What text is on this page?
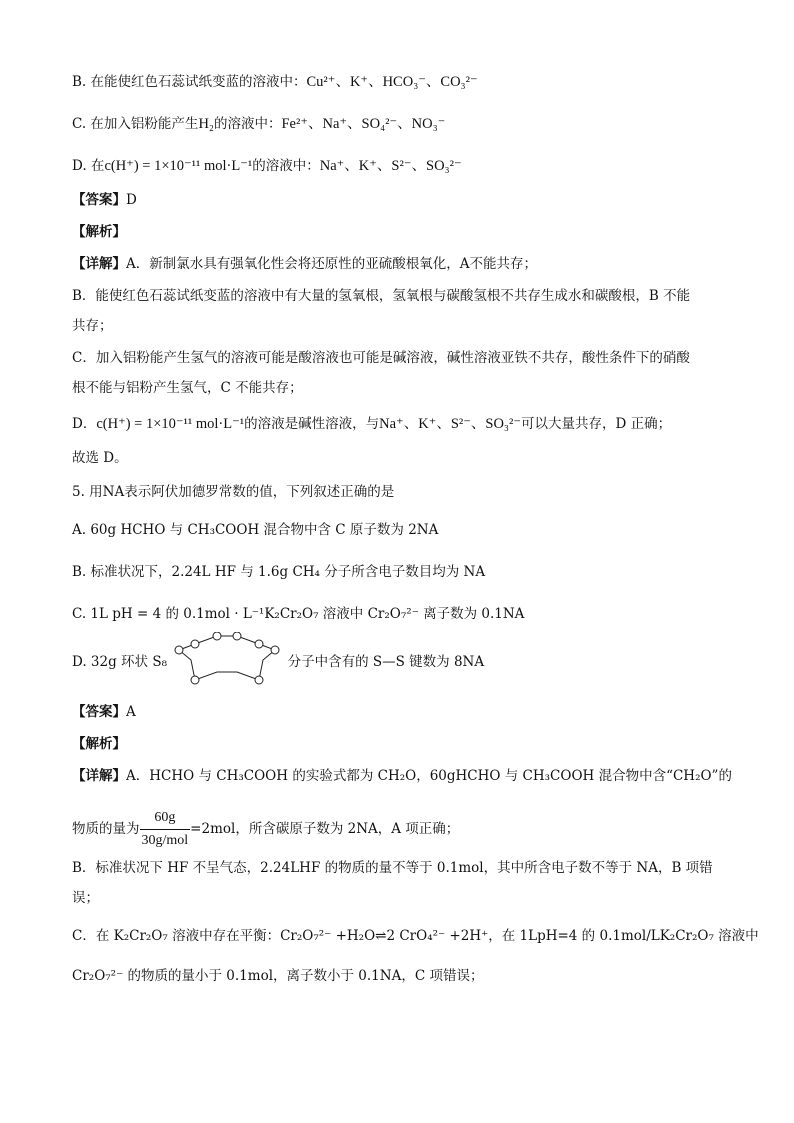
B. 在能使红色石蕊试纸变蓝的溶液中：Cu²⁺、K⁺、HCO₃⁻、CO₃²⁻
C. 在加入铝粉能产生H₂的溶液中：Fe²⁺、Na⁺、SO₄²⁻、NO₃⁻
D. 在c(H⁺) = 1×10⁻¹¹ mol·L⁻¹的溶液中：Na⁺、K⁺、S²⁻、SO₃²⁻
【答案】D
【解析】
【详解】A．新制氯水具有强氧化性会将还原性的亚硫酸根氧化，A不能共存；
B．能使红色石蕊试纸变蓝的溶液中有大量的氢氧根，氢氧根与碳酸氢根不共存生成水和碳酸根，B 不能
共存；
C．加入铝粉能产生氢气的溶液可能是酸溶液也可能是碱溶液，碱性溶液亚铁不共存，酸性条件下的硝酸
根不能与铝粉产生氢气，C 不能共存；
D．c(H⁺) = 1×10⁻¹¹ mol·L⁻¹的溶液是碱性溶液，与Na⁺、K⁺、S²⁻、SO₃²⁻可以大量共存，D 正确；
故选 D。
5. 用NA表示阿伏加德罗常数的值，下列叙述正确的是
A. 60g HCHO 与 CH₃COOH 混合物中含 C 原子数为 2NA
B. 标准状况下，2.24L HF 与 1.6g CH₄ 分子所含电子数目均为 NA
C. 1L pH = 4 的 0.1mol · L⁻¹K₂Cr₂O₇ 溶液中 Cr₂O₇²⁻ 离子数为 0.1NA
D. 32g 环状 S₈	分子中含有的 S—S 键数为 8NA
【答案】A
【解析】
【详解】A．HCHO 与 CH₃COOH 的实验式都为 CH₂O，60gHCHO 与 CH₃COOH 混合物中含“CH₂O”的
物质的量为 $\frac{60g}{\text{30g/mol}} =2mol$，所含碳原子数为 2NA，A 项正确；
B．标准状况下 HF 不呈气态，2.24LHF 的物质的量不等于 0.1mol，其中所含电子数不等于 NA，B 项错
误；
C．在 K₂Cr₂O₇ 溶液中存在平衡：Cr₂O₇²⁻ +H₂O⇌2 CrO₄²⁻ +2H⁺，在 1LpH=4 的 0.1mol/LK₂Cr₂O₇ 溶液中
Cr₂O₇²⁻ 的物质的量小于 0.1mol，离子数小于 0.1NA，C 项错误；
